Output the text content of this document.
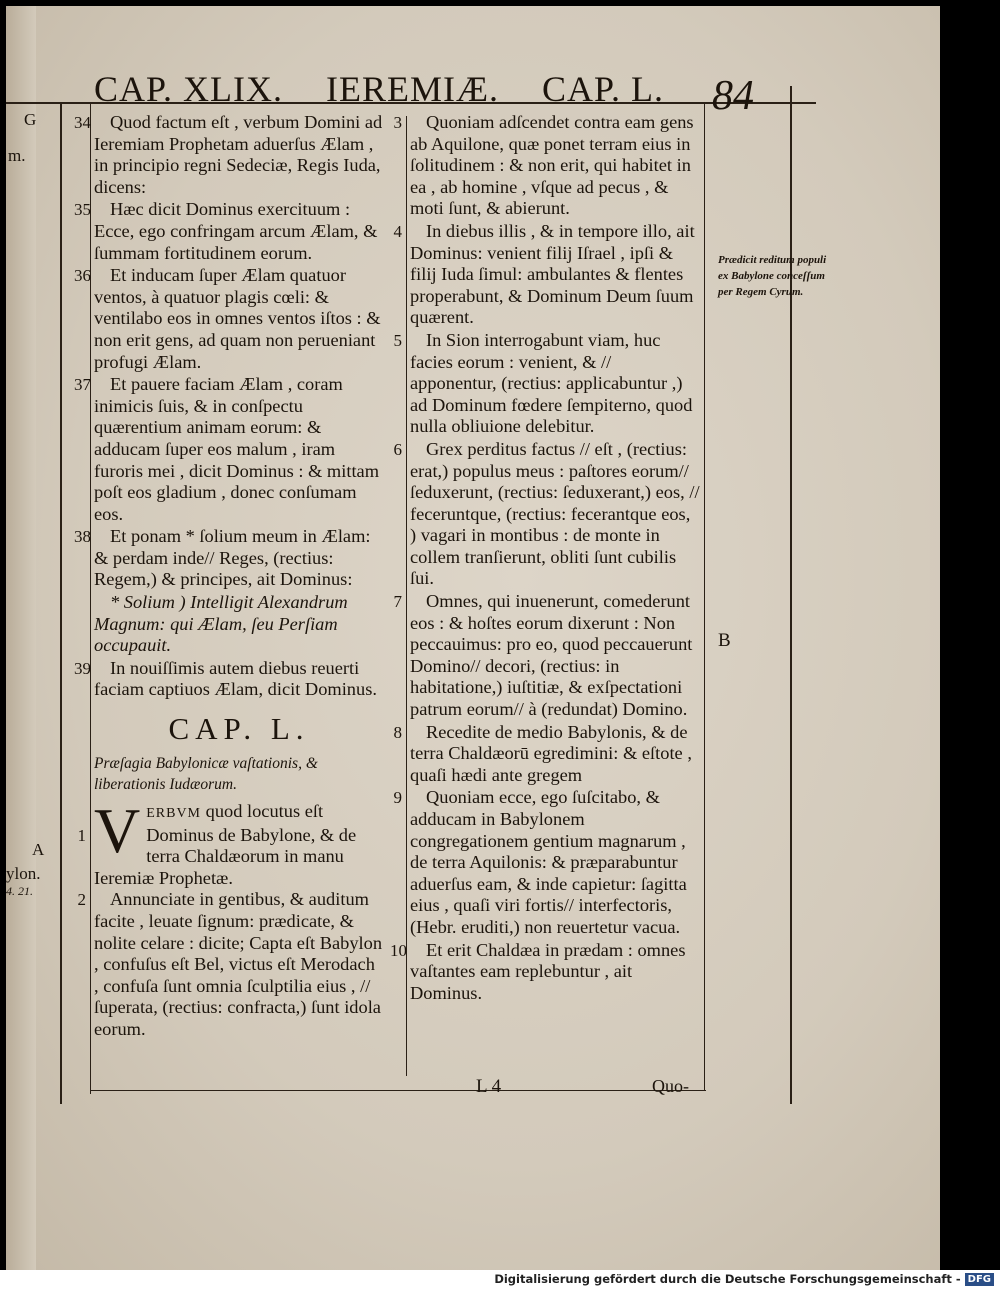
CAP. XLIX. IEREMIÆ. CAP. L. 84
G
m.
A
ylon.
4. 21.

34 Quod factum eſt , verbum Domini ad Ieremiam Prophetam aduerſus Ælam , in principio regni Sedeciæ, Regis Iuda, dicens:

35 Hæc dicit Dominus exercituum : Ecce, ego confringam arcum Ælam, & ſummam fortitudinem eorum.

36 Et inducam ſuper Ælam quatuor ventos, à quatuor plagis cœli: & ventilabo eos in omnes ventos iſtos : & non erit gens, ad quam non perueniant profugi Ælam.

37 Et pauere faciam Ælam , coram inimicis ſuis, & in conſpectu quærentium animam eorum: & adducam ſuper eos malum , iram furoris mei , dicit Dominus : & mittam poſt eos gladium , donec conſumam eos.

38 Et ponam * ſolium meum in Ælam: & perdam inde// Reges, (rectius: Regem,) & principes, ait Dominus:

* Solium ) Intelligit Alexandrum Magnum: qui Ælam, ſeu Perſiam occupauit.

39 In nouiſſimis autem diebus reuerti faciam captiuos Ælam, dicit Dominus.

CAP. L.

Præſagia Babylonicæ vaſtationis, & liberationis Iudæorum.

1 V ERBVM quod locutus eſt Dominus de Babylone, & de terra Chaldæorum in manu Ieremiæ Prophetæ.

2 Annunciate in gentibus, & auditum facite , leuate ſignum: prædicate, & nolite celare : dicite; Capta eſt Babylon , confuſus eſt Bel, victus eſt Merodach , confuſa ſunt omnia ſculptilia eius , // ſuperata, (rectius: confracta,) ſunt idola eorum.

3 Quoniam adſcendet contra eam gens ab Aquilone, quæ ponet terram eius in ſolitudinem : & non erit, qui habitet in ea , ab homine , vſque ad pecus , & moti ſunt, & abierunt.

4 In diebus illis , & in tempore illo, ait Dominus: venient filij Iſrael , ipſi & filij Iuda ſimul: ambulantes & flentes properabunt, & Dominum Deum ſuum quærent.

5 In Sion interrogabunt viam, huc facies eorum : venient, & // apponentur, (rectius: applicabuntur ,) ad Dominum fœdere ſempiterno, quod nulla obliuione delebitur.

6 Grex perditus factus // eſt , (rectius: erat,) populus meus : paſtores eorum// ſeduxerunt, (rectius: ſeduxerant,) eos, // feceruntque, (rectius: fecerantque eos, ) vagari in montibus : de monte in collem tranſierunt, obliti ſunt cubilis ſui.

7 Omnes, qui inuenerunt, comederunt eos : & hoſtes eorum dixerunt : Non peccauimus: pro eo, quod peccauerunt Domino// decori, (rectius: in habitatione,) iuſtitiæ, & exſpectationi patrum eorum// à (redundat) Domino.

8 Recedite de medio Babylonis, & de terra Chaldæorū egredimini: & eſtote , quaſi hædi ante gregem

9 Quoniam ecce, ego ſuſcitabo, & adducam in Babylonem congregationem gentium magnarum , de terra Aquilonis: & præparabuntur aduerſus eam, & inde capietur: ſagitta eius , quaſi viri fortis// interfectoris, (Hebr. eruditi,) non reuertetur vacua.

10 Et erit Chaldæa in prædam : omnes vaſtantes eam replebuntur , ait Dominus.

Prædicit reditum populi ex Babylone conceſſum per Regem Cyrum.
B
L 4	Quo-
Digitalisierung gefördert durch die Deutsche Forschungsgemeinschaft - DFG
